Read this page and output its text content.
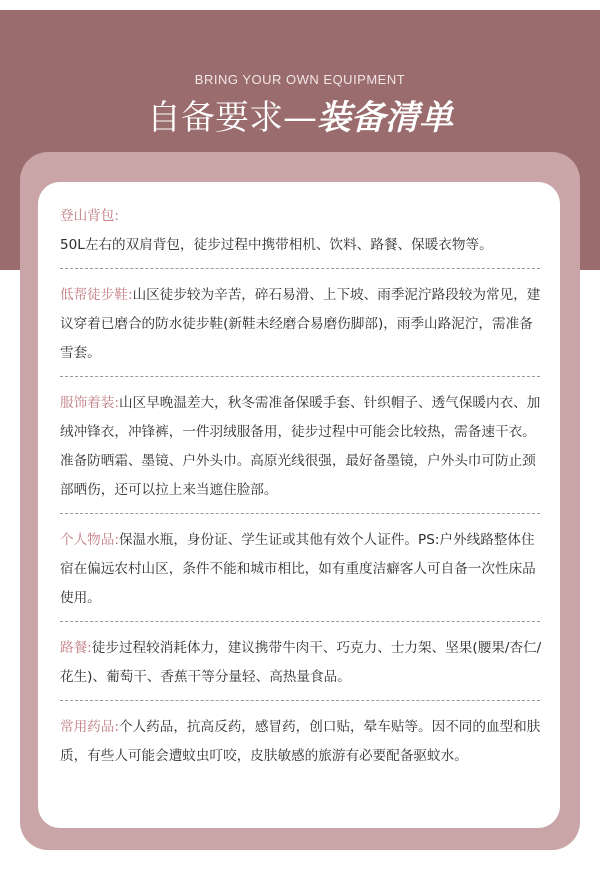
BRING YOUR OWN EQUIPMENT
自备要求—装备清单
登山背包:
50L左右的双肩背包，徒步过程中携带相机、饮料、路餐、保暖衣物等。
低帮徒步鞋:山区徒步较为辛苦，碎石易滑、上下坡、雨季泥泞路段较为常见，建议穿着已磨合的防水徒步鞋(新鞋未经磨合易磨伤脚部)，雨季山路泥泞，需准备雪套。
服饰着装:山区早晚温差大，秋冬需准备保暖手套、针织帽子、透气保暖内衣、加绒冲锋衣，冲锋裤，一件羽绒服备用，徒步过程中可能会比较热，需备速干衣。准备防晒霜、墨镜、户外头巾。高原光线很强，最好备墨镜，户外头巾可防止颈部晒伤，还可以拉上来当遮住脸部。
个人物品:保温水瓶，身份证、学生证或其他有效个人证件。PS:户外线路整体住宿在偏远农村山区，条件不能和城市相比，如有重度洁癖客人可自备一次性床品使用。
路餐:徒步过程较消耗体力，建议携带牛肉干、巧克力、士力架、坚果(腰果/杏仁/花生)、葡萄干、香蕉干等分量轻、高热量食品。
常用药品:个人药品，抗高反药，感冒药，创口贴，晕车贴等。因不同的血型和肤质，有些人可能会遭蚊虫叮咬，皮肤敏感的旅游有必要配备驱蚊水。
